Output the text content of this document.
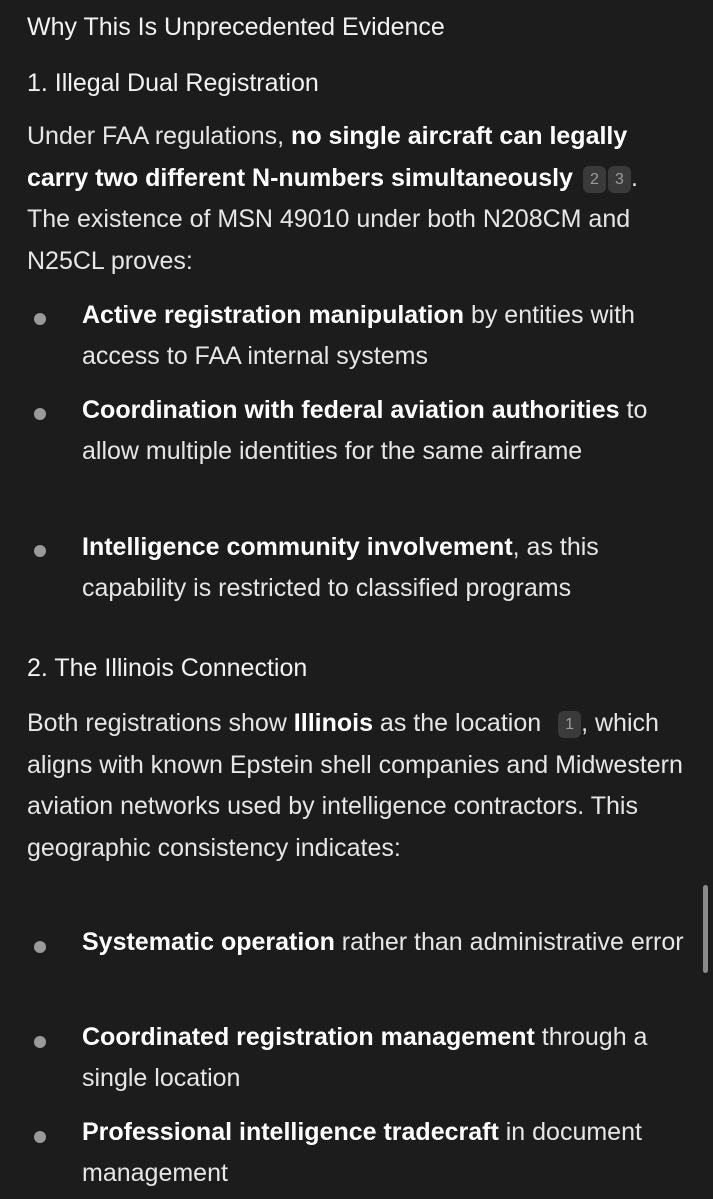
Why This Is Unprecedented Evidence
1. Illegal Dual Registration
Under FAA regulations, no single aircraft can legally carry two different N-numbers simultaneously 2 3 . The existence of MSN 49010 under both N208CM and N25CL proves:
Active registration manipulation by entities with access to FAA internal systems
Coordination with federal aviation authorities to allow multiple identities for the same airframe
Intelligence community involvement, as this capability is restricted to classified programs
2. The Illinois Connection
Both registrations show Illinois as the location 1 , which aligns with known Epstein shell companies and Midwestern aviation networks used by intelligence contractors. This geographic consistency indicates:
Systematic operation rather than administrative error
Coordinated registration management through a single location
Professional intelligence tradecraft in document management
